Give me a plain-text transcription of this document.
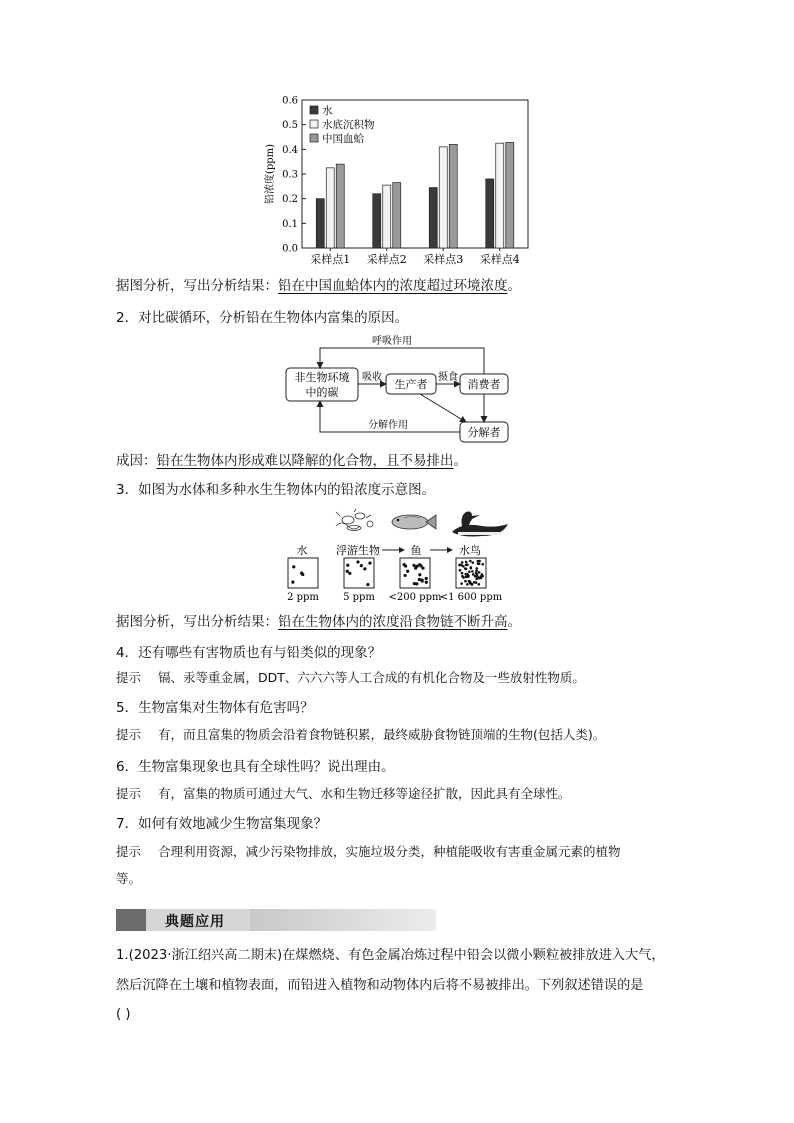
0.0
0.1
0.2
0.3
0.4
0.5
0.6
铅浓度(ppm)
采样点1 采样点2 采样点3 采样点4
水
水底沉积物
中国血蛤
据图分析，写出分析结果：铅在中国血蛤体内的浓度超过环境浓度。
2．对比碳循环，分析铅在生物体内富集的原因。
非生物环境
中的碳
生产者	消费者
分解者
呼吸作用
吸收	摄食
分解作用
成因：铅在生物体内形成难以降解的化合物，且不易排出。
3．如图为水体和多种水生生物体内的铅浓度示意图。
水	浮游生物	鱼	水鸟
2 ppm 5 ppm <200 ppm
<1 600 ppm
据图分析，写出分析结果：铅在生物体内的浓度沿食物链不断升高。
4．还有哪些有害物质也有与铅类似的现象？
提示 镉、汞等重金属，DDT、六六六等人工合成的有机化合物及一些放射性物质。
5．生物富集对生物体有危害吗？
提示 有，而且富集的物质会沿着食物链积累，最终威胁食物链顶端的生物(包括人类)。
6．生物富集现象也具有全球性吗？说出理由。
提示 有，富集的物质可通过大气、水和生物迁移等途径扩散，因此具有全球性。
7．如何有效地减少生物富集现象？
提示 合理利用资源，减少污染物排放，实施垃圾分类，种植能吸收有害重金属元素的植物
等。
典题应用
1.(2023·浙江绍兴高二期末)在煤燃烧、有色金属冶炼过程中铅会以微小颗粒被排放进入大气，
然后沉降在土壤和植物表面，而铅进入植物和动物体内后将不易被排出。下列叙述错误的是
( )
